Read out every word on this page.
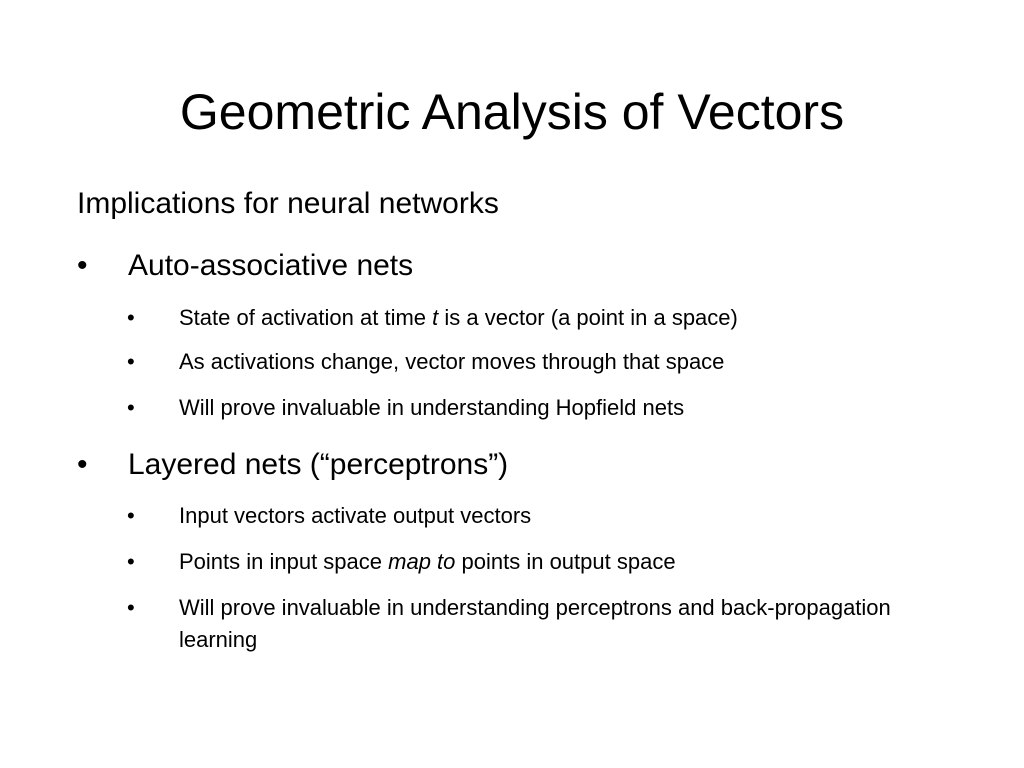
Geometric Analysis of Vectors
Implications for neural networks
• Auto-associative nets
• State of activation at time t is a vector (a point in a space)
• As activations change, vector moves through that space
• Will prove invaluable in understanding Hopfield nets
• Layered nets (“perceptrons”)
• Input vectors activate output vectors
• Points in input space map to points in output space
• Will prove invaluable in understanding perceptrons and back-propagation learning
